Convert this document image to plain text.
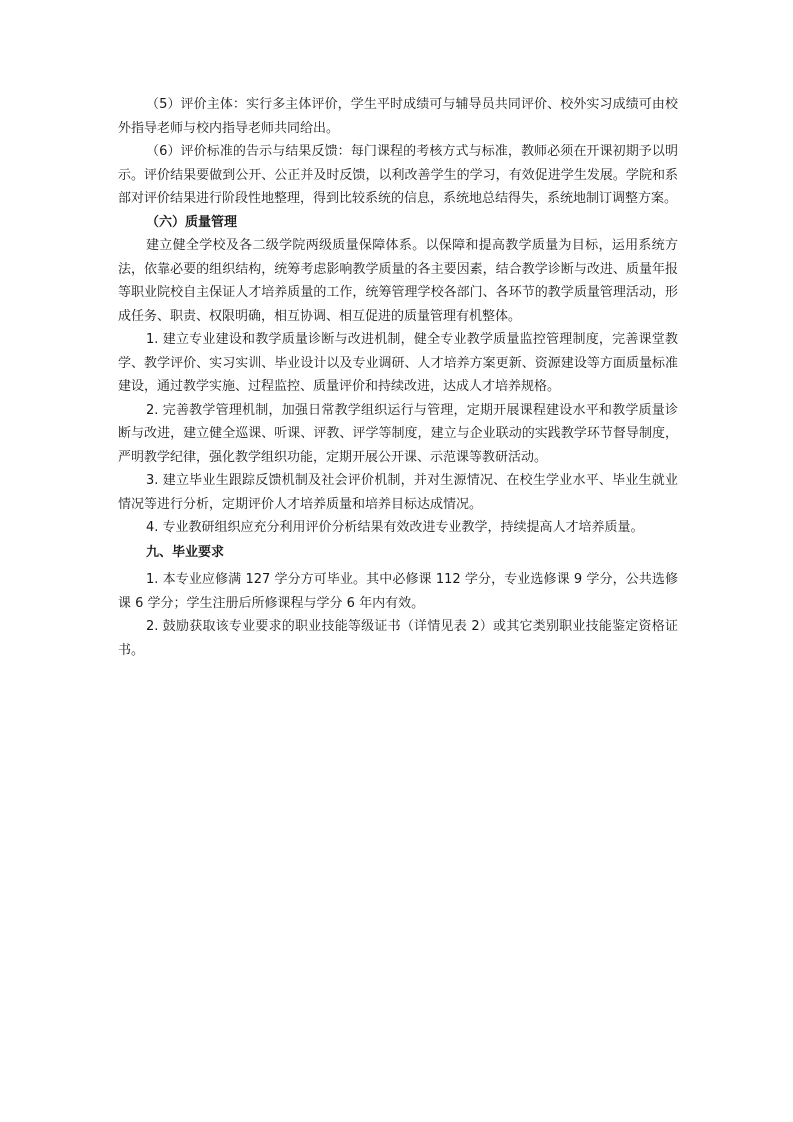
（5）评价主体：实行多主体评价，学生平时成绩可与辅导员共同评价、校外实习成绩可由校外指导老师与校内指导老师共同给出。

（6）评价标准的告示与结果反馈：每门课程的考核方式与标准，教师必须在开课初期予以明示。评价结果要做到公开、公正并及时反馈，以利改善学生的学习，有效促进学生发展。学院和系部对评价结果进行阶段性地整理，得到比较系统的信息，系统地总结得失，系统地制订调整方案。

（六）质量管理

建立健全学校及各二级学院两级质量保障体系。以保障和提高教学质量为目标，运用系统方法，依靠必要的组织结构，统筹考虑影响教学质量的各主要因素，结合教学诊断与改进、质量年报等职业院校自主保证人才培养质量的工作，统筹管理学校各部门、各环节的教学质量管理活动，形成任务、职责、权限明确，相互协调、相互促进的质量管理有机整体。

1. 建立专业建设和教学质量诊断与改进机制，健全专业教学质量监控管理制度，完善课堂教学、教学评价、实习实训、毕业设计以及专业调研、人才培养方案更新、资源建设等方面质量标准建设，通过教学实施、过程监控、质量评价和持续改进，达成人才培养规格。

2. 完善教学管理机制，加强日常教学组织运行与管理，定期开展课程建设水平和教学质量诊断与改进，建立健全巡课、听课、评教、评学等制度，建立与企业联动的实践教学环节督导制度，严明教学纪律，强化教学组织功能，定期开展公开课、示范课等教研活动。

3. 建立毕业生跟踪反馈机制及社会评价机制，并对生源情况、在校生学业水平、毕业生就业情况等进行分析，定期评价人才培养质量和培养目标达成情况。

4. 专业教研组织应充分利用评价分析结果有效改进专业教学，持续提高人才培养质量。

九、毕业要求

1. 本专业应修满 127 学分方可毕业。其中必修课 112 学分，专业选修课 9 学分，公共选修课 6 学分；学生注册后所修课程与学分 6 年内有效。

2. 鼓励获取该专业要求的职业技能等级证书（详情见表 2）或其它类别职业技能鉴定资格证书。
